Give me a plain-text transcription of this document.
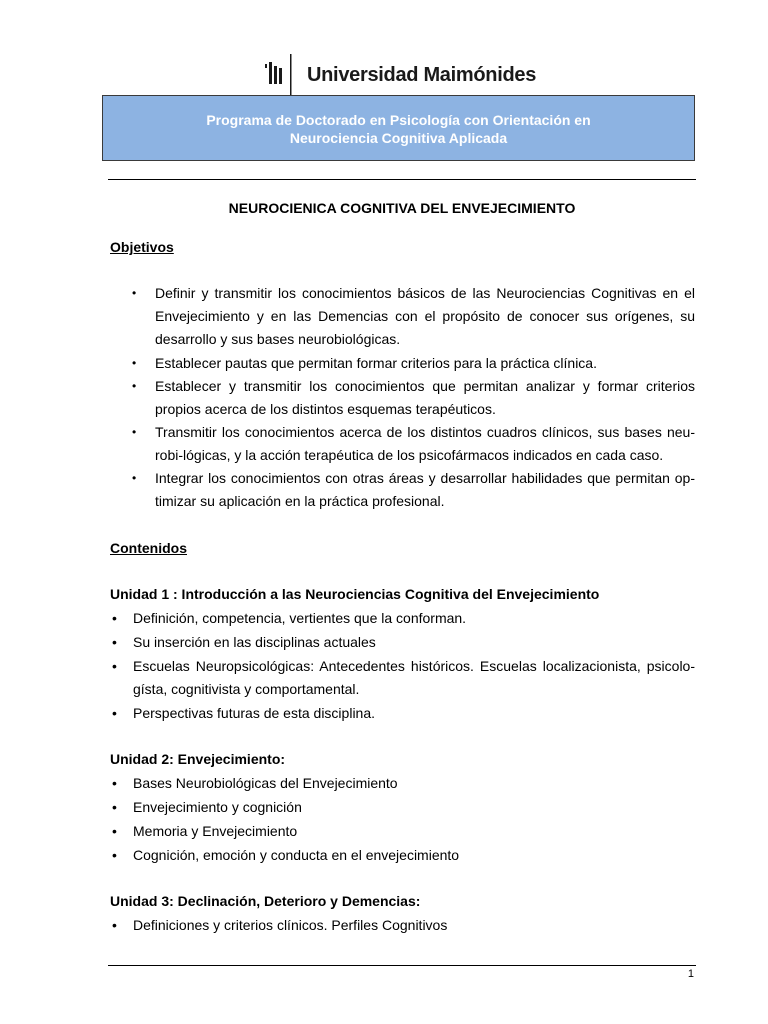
Universidad Maimónides
Programa de Doctorado en Psicología con Orientación en
Neurociencia Cognitiva Aplicada
NEUROCIENICA COGNITIVA DEL ENVEJECIMIENTO
Objetivos
• Definir y transmitir los conocimientos básicos de las Neurociencias Cognitivas en el
Envejecimiento y en las Demencias con el propósito de conocer sus orígenes, su
desarrollo y sus bases neurobiológicas.
• Establecer pautas que permitan formar criterios para la práctica clínica.
• Establecer y transmitir los conocimientos que permitan analizar y formar criterios
propios acerca de los distintos esquemas terapéuticos.
• Transmitir los conocimientos acerca de los distintos cuadros clínicos, sus bases neu-
robi-lógicas, y la acción terapéutica de los psicofármacos indicados en cada caso.
• Integrar los conocimientos con otras áreas y desarrollar habilidades que permitan op-
timizar su aplicación en la práctica profesional.
Contenidos
Unidad 1 : Introducción a las Neurociencias Cognitiva del Envejecimiento
• Definición, competencia, vertientes que la conforman.
• Su inserción en las disciplinas actuales
• Escuelas Neuropsicológicas: Antecedentes históricos. Escuelas localizacionista, psicolo-
gísta, cognitivista y comportamental.
• Perspectivas futuras de esta disciplina.
Unidad 2: Envejecimiento:
• Bases Neurobiológicas del Envejecimiento
• Envejecimiento y cognición
• Memoria y Envejecimiento
• Cognición, emoción y conducta en el envejecimiento
Unidad 3: Declinación, Deterioro y Demencias:
• Definiciones y criterios clínicos. Perfiles Cognitivos
1
